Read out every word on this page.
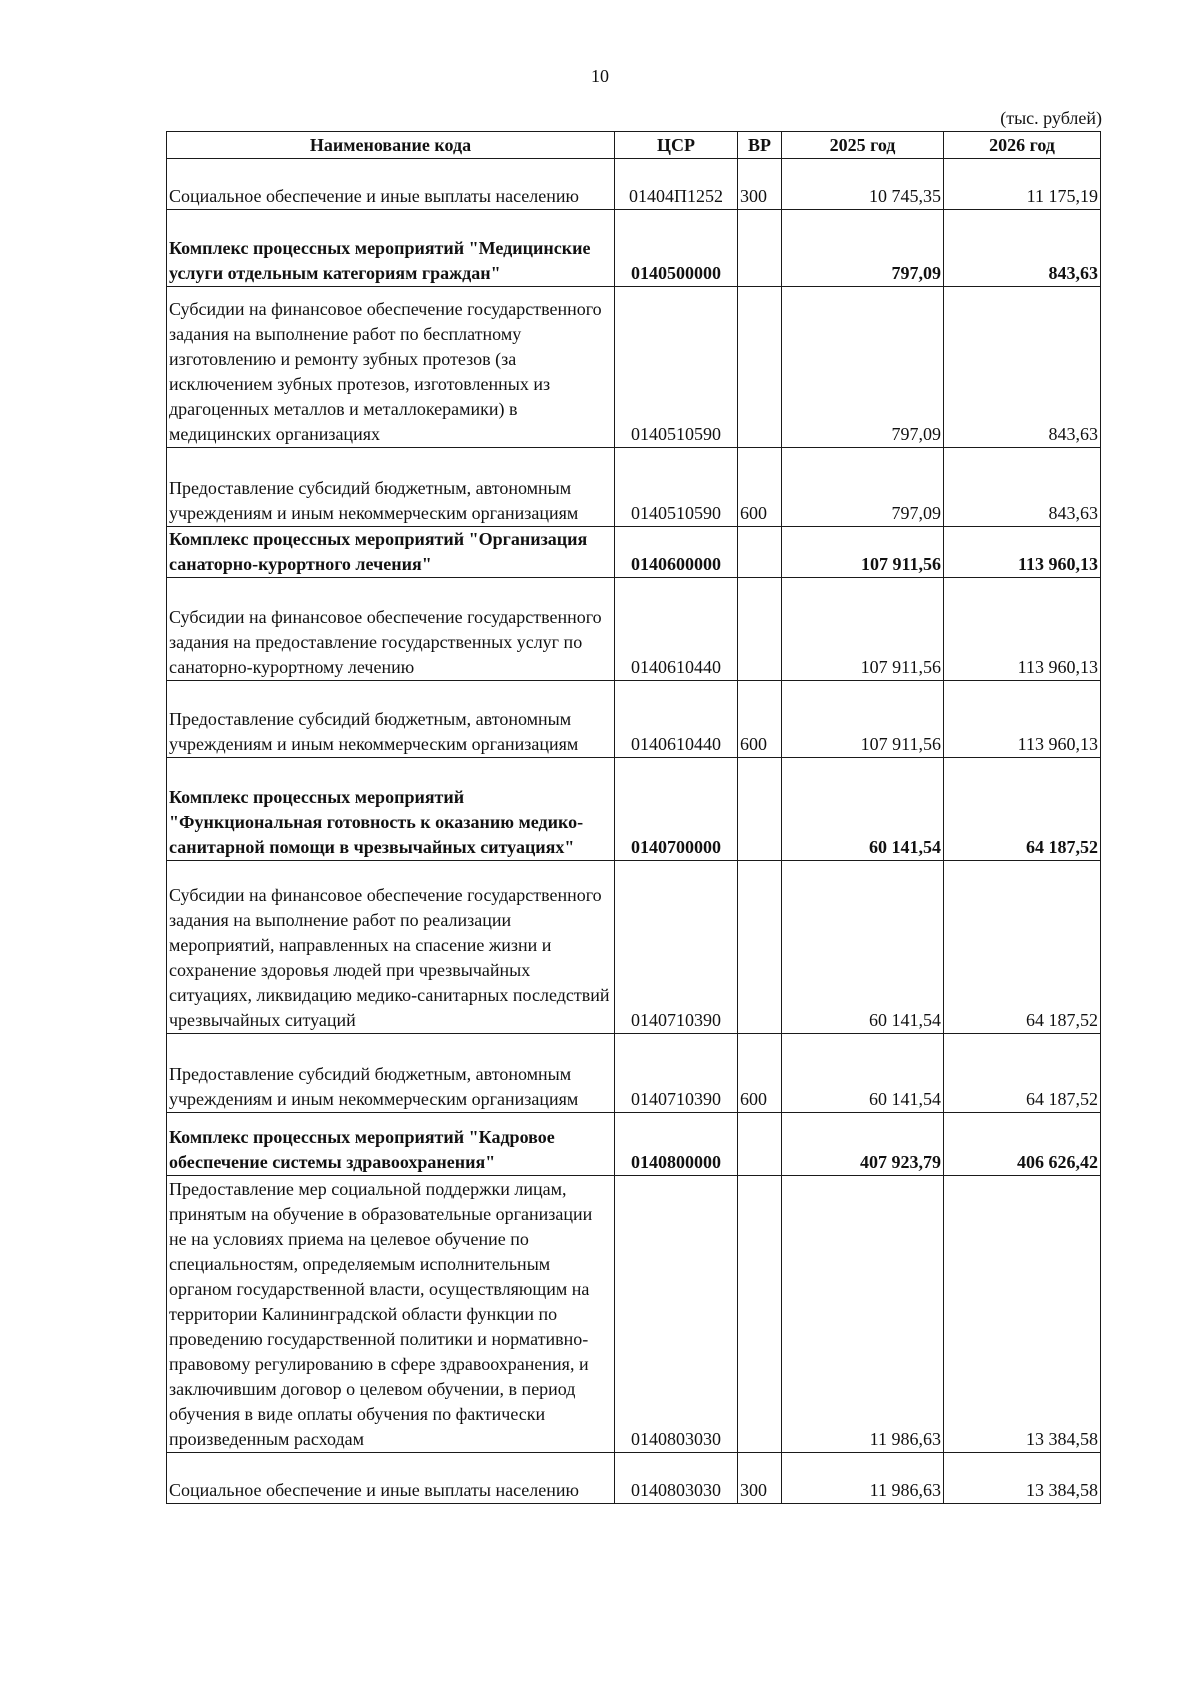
10
(тыс. рублей)
Наименование кода	ЦСР	ВР	2025 год	2026 год
Социальное обеспечение и иные выплаты населению	01404П1252	300	10 745,35	11 175,19
Комплекс процессных мероприятий "Медицинские услуги отдельным категориям граждан"	0140500000		797,09	843,63
Субсидии на финансовое обеспечение государственного задания на выполнение работ по бесплатному изготовлению и ремонту зубных протезов (за исключением зубных протезов, изготовленных из драгоценных металлов и металлокерамики) в медицинских организациях	0140510590		797,09	843,63
Предоставление субсидий бюджетным, автономным учреждениям и иным некоммерческим организациям	0140510590	600	797,09	843,63
Комплекс процессных мероприятий "Организация санаторно-курортного лечения"	0140600000		107 911,56	113 960,13
Субсидии на финансовое обеспечение государственного задания на предоставление государственных услуг по санаторно-курортному лечению	0140610440		107 911,56	113 960,13
Предоставление субсидий бюджетным, автономным учреждениям и иным некоммерческим организациям	0140610440	600	107 911,56	113 960,13
Комплекс процессных мероприятий "Функциональная готовность к оказанию медико-санитарной помощи в чрезвычайных ситуациях"	0140700000		60 141,54	64 187,52
Субсидии на финансовое обеспечение государственного задания на выполнение работ по реализации мероприятий, направленных на спасение жизни и сохранение здоровья людей при чрезвычайных ситуациях, ликвидацию медико-санитарных последствий чрезвычайных ситуаций	0140710390		60 141,54	64 187,52
Предоставление субсидий бюджетным, автономным учреждениям и иным некоммерческим организациям	0140710390	600	60 141,54	64 187,52
Комплекс процессных мероприятий "Кадровое обеспечение системы здравоохранения"	0140800000		407 923,79	406 626,42
Предоставление мер социальной поддержки лицам, принятым на обучение в образовательные организации не на условиях приема на целевое обучение по специальностям, определяемым исполнительным органом государственной власти, осуществляющим на территории Калининградской области функции по проведению государственной политики и нормативно-правовому регулированию в сфере здравоохранения, и заключившим договор о целевом обучении, в период обучения в виде оплаты обучения по фактически произведенным расходам	0140803030		11 986,63	13 384,58
Социальное обеспечение и иные выплаты населению	0140803030	300	11 986,63	13 384,58
